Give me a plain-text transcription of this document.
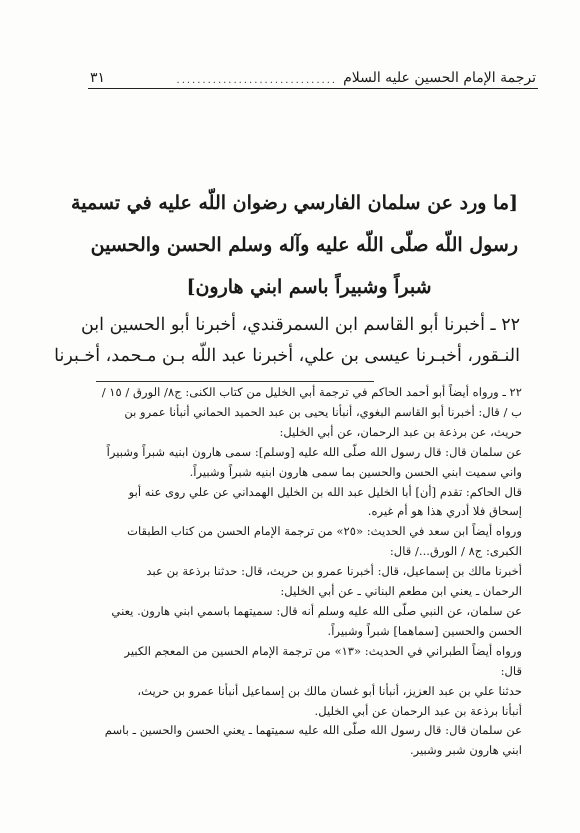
ترجمة الإمام الحسين عليه السلام
...............................
٣١
[ما ورد عن سلمان الفارسي رضوان اللّه عليه في تسمية
رسول اللّه صلّى اللّه عليه وآله وسلم الحسن والحسين
شبراً وشبيراً باسم ابني هارون]
٢٢ ـ أخبرنا أبو القاسم ابن السمرقندي، أخبرنا أبو الحسين ابن
النـقور، أخبـرنا عيسى بن علي، أخبرنا عبد اللّه بـن مـحمد، أخـبرنا
٢٢ ـ ورواه أيضاً أبو أحمد الحاكم في ترجمة أبي الخليل من كتاب الكنى: ج٨/ الورق / ١٥ /
ب / قال: أخبرنا أبو القاسم البغوي، أنبأنا يحيى بن عبد الحميد الحماني أنبأنا عمرو بن
حريث، عن برذعة بن عبد الرحمان، عن أبي الخليل:
عن سلمان قال: قال رسول الله صلّى الله عليه [وسلم]: سمى هارون ابنيه شبراً وشبيراً
واني سميت ابني الحسن والحسين بما سمى هارون ابنيه شبراً وشبيراً.
قال الحاكم: تقدم [أن] أبا الخليل عبد الله بن الخليل الهمداني عن علي روى عنه أبو
إسحاق فلا أدري هذا هو أم غيره.
ورواه أيضاً ابن سعد في الحديث: «٢٥» من ترجمة الإمام الحسن من كتاب الطبقات
الكبرى: ج٨ / الورق.../ قال:
أخبرنا مالك بن إسماعيل، قال: أخبرنا عمرو بن حريث، قال: حدثنا برذعة بن عبد
الرحمان ـ يعني ابن مطعم البناني ـ عن أبي الخليل:
عن سلمان، عن النبي صلّى الله عليه وسلم أنه قال: سميتهما باسمي ابني هارون. يعني
الحسن والحسين [سماهما] شبراً وشبيراً.
ورواه أيضاً الطبراني في الحديث: «١٣» من ترجمة الإمام الحسين من المعجم الكبير
قال:
حدثنا علي بن عبد العزيز، أنبأنا أبو غسان مالك بن إسماعيل أنبأنا عمرو بن حريث،
أنبأنا برذعة بن عبد الرحمان عن أبي الخليل.
عن سلمان قال: قال رسول الله صلّى الله عليه سميتهما ـ يعني الحسن والحسين ـ باسم
ابني هارون شبر وشبير.
